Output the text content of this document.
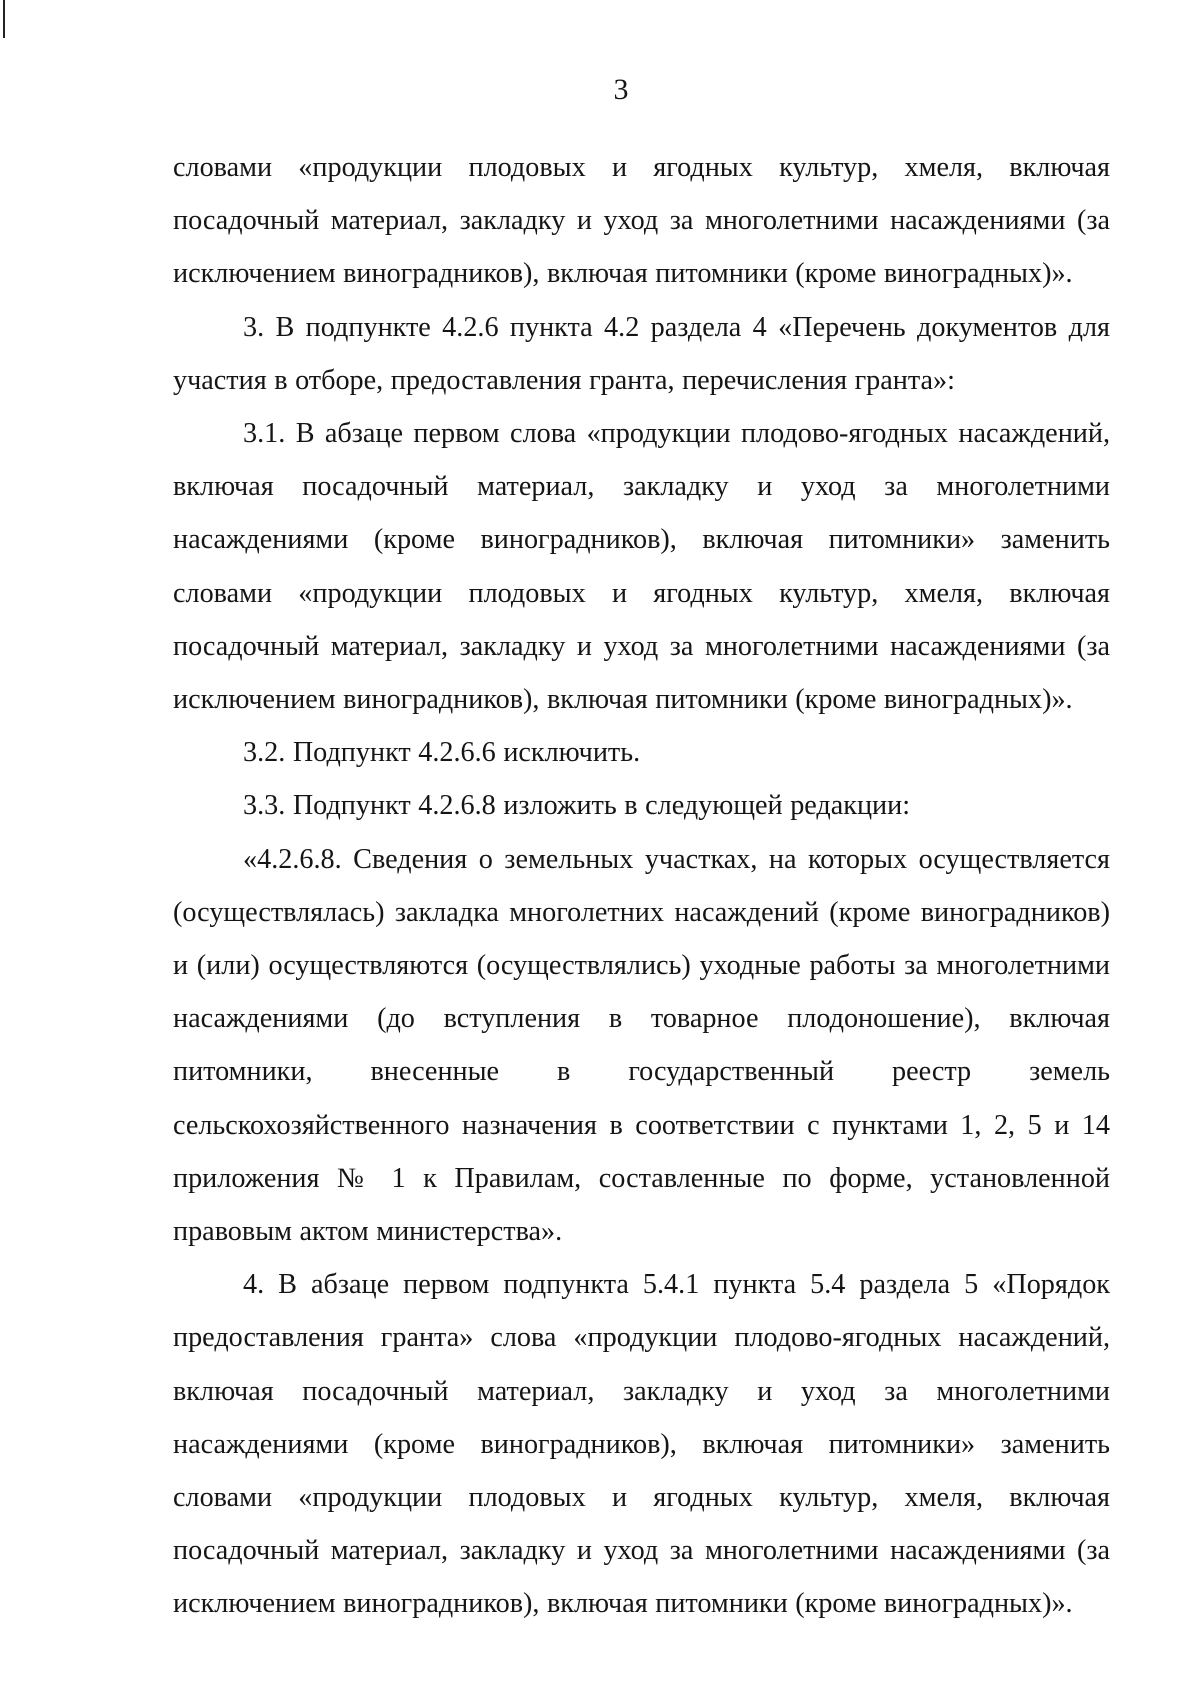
3

словами «продукции плодовых и ягодных культур, хмеля, включая посадочный материал, закладку и уход за многолетними насаждениями (за исключением виноградников), включая питомники (кроме виноградных)».

3. В подпункте 4.2.6 пункта 4.2 раздела 4 «Перечень документов для участия в отборе, предоставления гранта, перечисления гранта»:

3.1. В абзаце первом слова «продукции плодово-ягодных насаждений, включая посадочный материал, закладку и уход за многолетними насаждениями (кроме виноградников), включая питомники» заменить словами «продукции плодовых и ягодных культур, хмеля, включая посадочный материал, закладку и уход за многолетними насаждениями (за исключением виноградников), включая питомники (кроме виноградных)».

3.2. Подпункт 4.2.6.6 исключить.

3.3. Подпункт 4.2.6.8 изложить в следующей редакции:

«4.2.6.8. Сведения о земельных участках, на которых осуществляется (осуществлялась) закладка многолетних насаждений (кроме виноградников) и (или) осуществляются (осуществлялись) уходные работы за многолетними насаждениями (до вступления в товарное плодоношение), включая питомники, внесенные в государственный реестр земель сельскохозяйственного назначения в соответствии с пунктами 1, 2, 5 и 14 приложения № 1 к Правилам, составленные по форме, установленной правовым актом министерства».

4. В абзаце первом подпункта 5.4.1 пункта 5.4 раздела 5 «Порядок предоставления гранта» слова «продукции плодово-ягодных насаждений, включая посадочный материал, закладку и уход за многолетними насаждениями (кроме виноградников), включая питомники» заменить словами «продукции плодовых и ягодных культур, хмеля, включая посадочный материал, закладку и уход за многолетними насаждениями (за исключением виноградников), включая питомники (кроме виноградных)».
